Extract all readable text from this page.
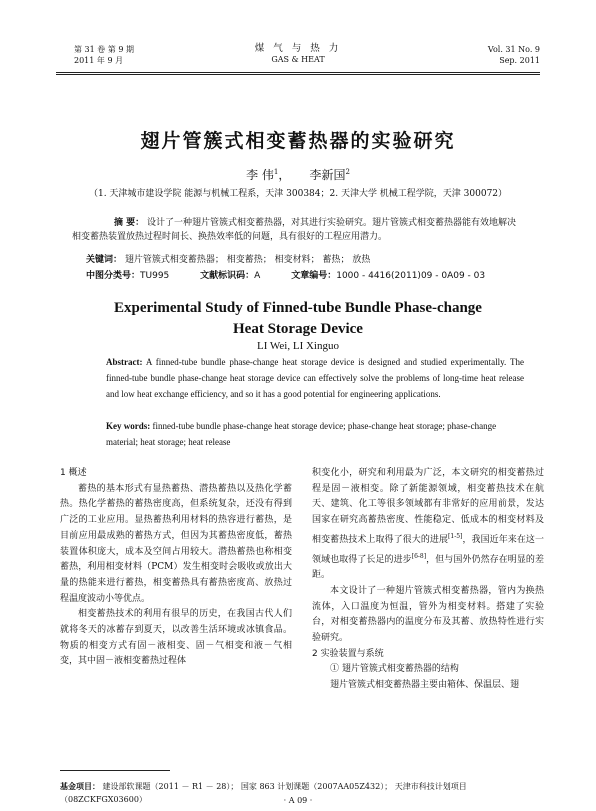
第 31 卷 第 9 期
2011 年 9 月
煤 气 与 热 力
GAS & HEAT
Vol. 31 No. 9
Sep. 2011
翅片管簇式相变蓄热器的实验研究
李 伟$^1$，     李新国$^2$
（1. 天津城市建设学院 能源与机械工程系，天津 300384；2. 天津大学 机械工程学院，天津 300072）
摘 要： 设计了一种翅片管簇式相变蓄热器，对其进行实验研究。翅片管簇式相变蓄热器能有效地解决相变蓄热装置放热过程时间长、换热效率低的问题，具有很好的工程应用潜力。
关键词： 翅片管簇式相变蓄热器； 相变蓄热； 相变材料； 蓄热； 放热
中图分类号：TU995	文献标识码：A	文章编号：1000 - 4416(2011)09 - 0A09 - 03
Experimental Study of Finned-tube Bundle Phase-change
Heat Storage Device
LI Wei, LI Xinguo
Abstract: A finned-tube bundle phase-change heat storage device is designed and studied experimentally. The finned-tube bundle phase-change heat storage device can effectively solve the problems of long-time heat release and low heat exchange efficiency, and so it has a good potential for engineering applications.
Key words: finned-tube bundle phase-change heat storage device; phase-change heat storage; phase-change material; heat storage; heat release

1 概述

蓄热的基本形式有显热蓄热、潜热蓄热以及热化学蓄热。热化学蓄热的蓄热密度高，但系统复杂，还没有得到广泛的工业应用。显热蓄热利用材料的热容进行蓄热，是目前应用最成熟的蓄热方式，但因为其蓄热密度低，蓄热装置体积庞大，成本及空间占用较大。潜热蓄热也称相变蓄热，利用相变材料（PCM）发生相变时会吸收或放出大量的热能来进行蓄热，相变蓄热具有蓄热密度高、放热过程温度波动小等优点。

相变蓄热技术的利用有很早的历史，在我国古代人们就将冬天的冰蓄存到夏天，以改善生活环境或冰镇食品。物质的相变方式有固－液相变、固－气相变和液－气相变，其中固－液相变蓄热过程体

积变化小，研究和利用最为广泛，本文研究的相变蓄热过程是固－液相变。除了新能源领域，相变蓄热技术在航天、建筑、化工等很多领域都有非常好的应用前景，发达国家在研究高蓄热密度、性能稳定、低成本的相变材料及相变蓄热技术上取得了很大的进展[1-5]，我国近年来在这一领域也取得了长足的进步[6-8]，但与国外仍然存在明显的差距。

本文设计了一种翅片管簇式相变蓄热器，管内为换热流体，入口温度为恒温，管外为相变材料。搭建了实验台，对相变蓄热器内的温度分布及其蓄、放热特性进行实验研究。

2 实验装置与系统

① 翅片管簇式相变蓄热器的结构

翅片管簇式相变蓄热器主要由箱体、保温层、翅

基金项目： 建设部软课题（2011 － R1 － 28）； 国家 863 计划课题（2007AA05Z432）； 天津市科技计划项目（08ZCKFGX03600）	· A 09 ·
